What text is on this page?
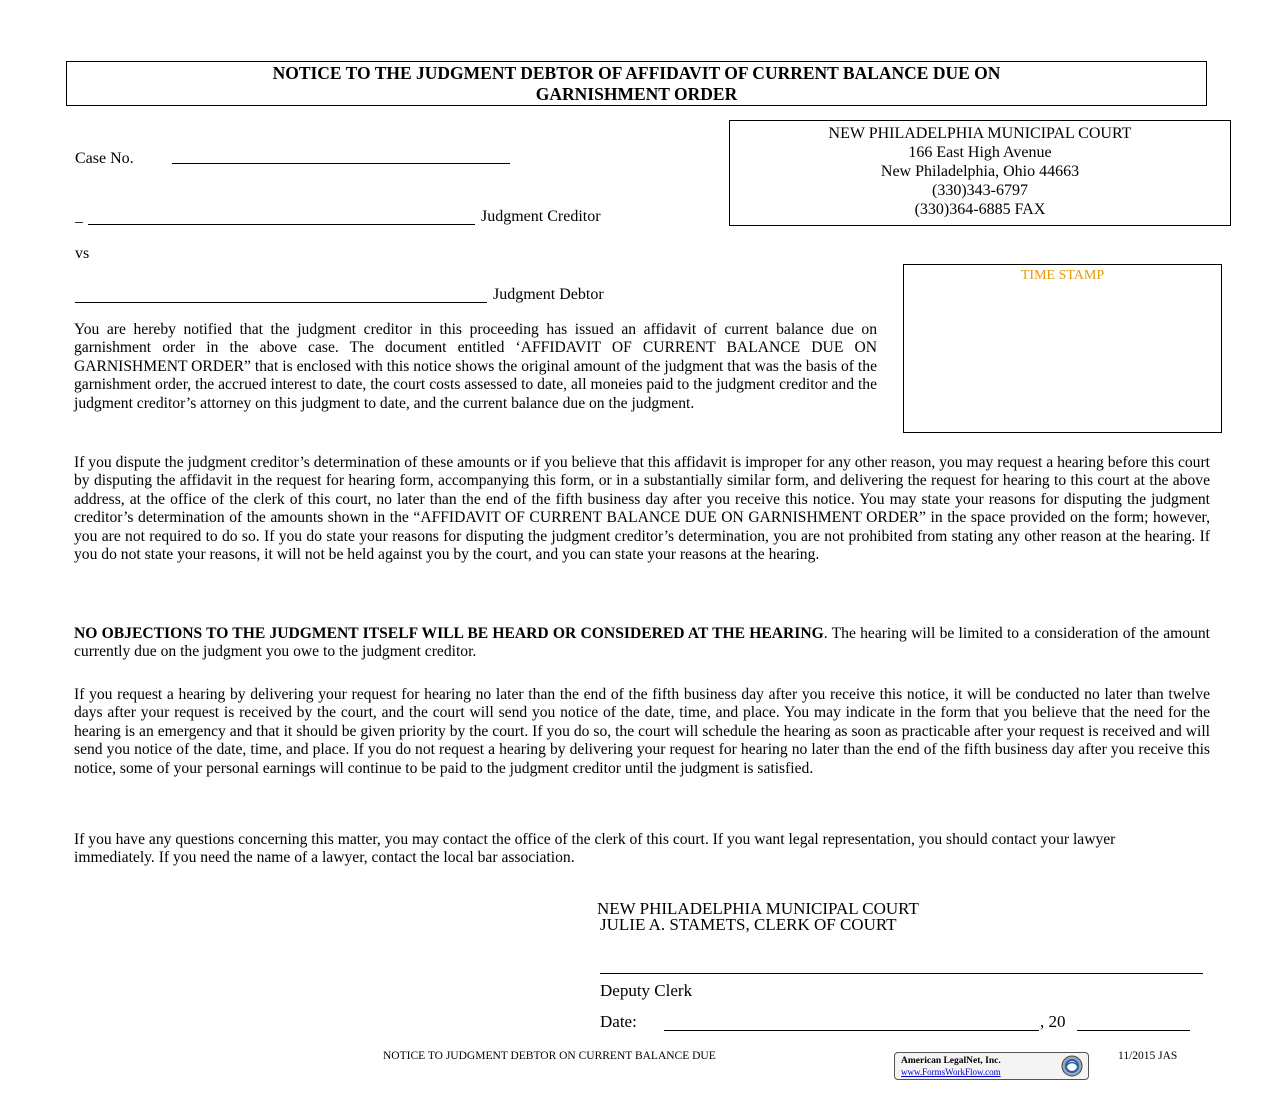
NOTICE TO THE JUDGMENT DEBTOR OF AFFIDAVIT OF CURRENT BALANCE DUE ON
GARNISHMENT ORDER
NEW PHILADELPHIA MUNICIPAL COURT
166 East High Avenue
New Philadelphia, Ohio 44663
(330)343-6797
(330)364-6885 FAX
Case No.
_	Judgment Creditor
vs
Judgment Debtor
TIME STAMP
You are hereby notified that the judgment creditor in this proceeding has issued an affidavit of current balance due on garnishment order in the above case. The document entitled ‘AFFIDAVIT OF CURRENT BALANCE DUE ON GARNISHMENT ORDER” that is enclosed with this notice shows the original amount of the judgment that was the basis of the garnishment order, the accrued interest to date, the court costs assessed to date, all moneies paid to the judgment creditor and the judgment creditor’s attorney on this judgment to date, and the current balance due on the judgment.
If you dispute the judgment creditor’s determination of these amounts or if you believe that this affidavit is improper for any other reason, you may request a hearing before this court by disputing the affidavit in the request for hearing form, accompanying this form, or in a substantially similar form, and delivering the request for hearing to this court at the above address, at the office of the clerk of this court, no later than the end of the fifth business day after you receive this notice. You may state your reasons for disputing the judgment creditor’s determination of the amounts shown in the “AFFIDAVIT OF CURRENT BALANCE DUE ON GARNISHMENT ORDER” in the space provided on the form; however, you are not required to do so. If you do state your reasons for disputing the judgment creditor’s determination, you are not prohibited from stating any other reason at the hearing. If you do not state your reasons, it will not be held against you by the court, and you can state your reasons at the hearing.
NO OBJECTIONS TO THE JUDGMENT ITSELF WILL BE HEARD OR CONSIDERED AT THE HEARING. The hearing will be limited to a consideration of the amount currently due on the judgment you owe to the judgment creditor.
If you request a hearing by delivering your request for hearing no later than the end of the fifth business day after you receive this notice, it will be conducted no later than twelve days after your request is received by the court, and the court will send you notice of the date, time, and place. You may indicate in the form that you believe that the need for the hearing is an emergency and that it should be given priority by the court. If you do so, the court will schedule the hearing as soon as practicable after your request is received and will send you notice of the date, time, and place. If you do not request a hearing by delivering your request for hearing no later than the end of the fifth business day after you receive this notice, some of your personal earnings will continue to be paid to the judgment creditor until the judgment is satisfied.
If you have any questions concerning this matter, you may contact the office of the clerk of this court. If you want legal representation, you should contact your lawyer immediately. If you need the name of a lawyer, contact the local bar association.
NEW PHILADELPHIA MUNICIPAL COURT
JULIE A. STAMETS, CLERK OF COURT
Deputy Clerk
Date:	, 20
NOTICE TO JUDGMENT DEBTOR ON CURRENT BALANCE DUE	American LegalNet, Inc.
www.FormsWorkFlow.com
11/2015 JAS
